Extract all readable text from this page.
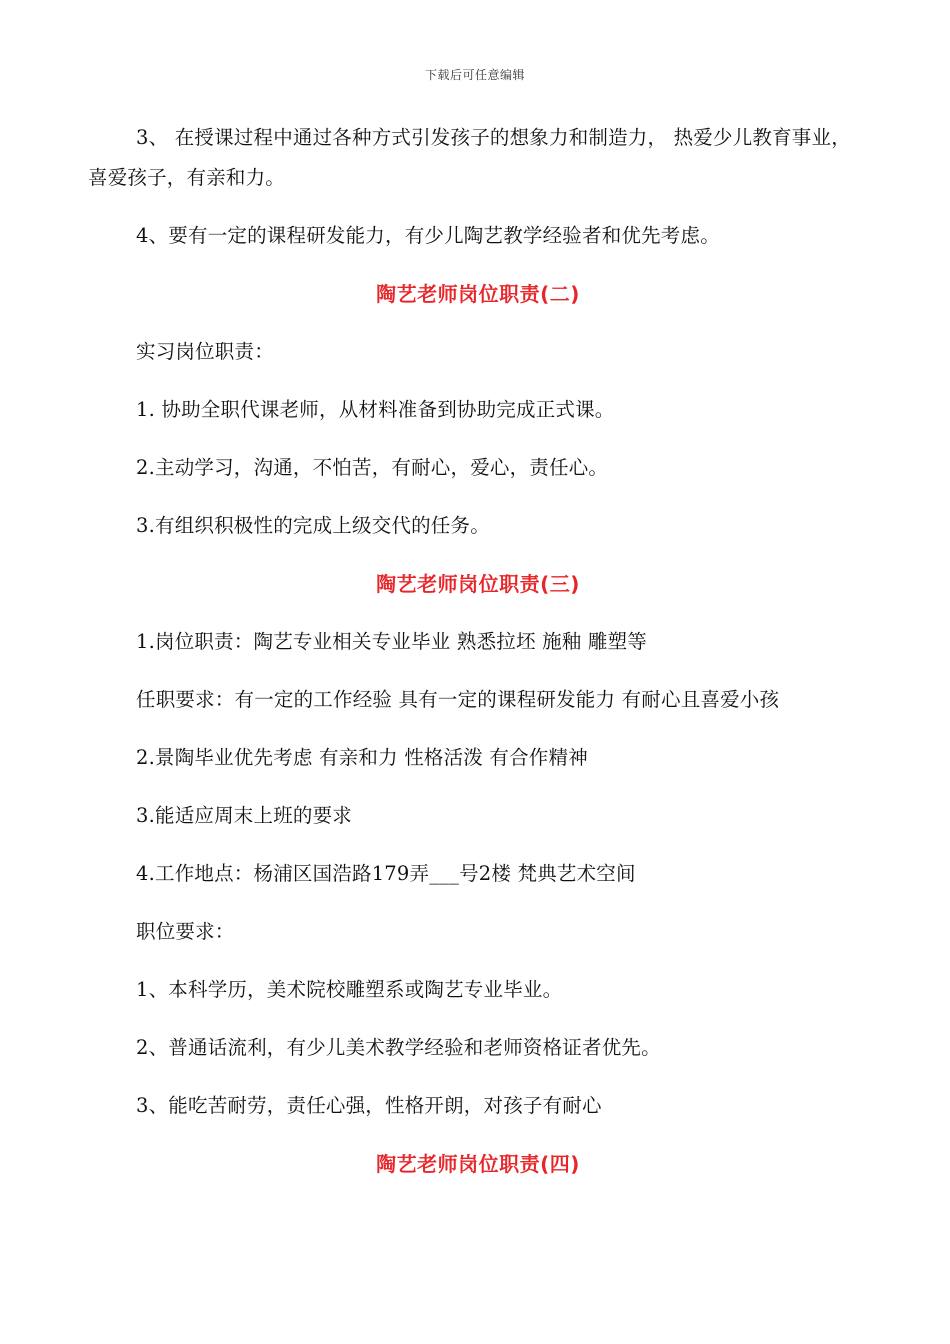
下载后可任意编辑

3、 在授课过程中通过各种方式引发孩子的想象力和制造力， 热爱少儿教育事业，喜爱孩子，有亲和力。

4、要有一定的课程研发能力，有少儿陶艺教学经验者和优先考虑。

陶艺老师岗位职责(二)

实习岗位职责：

1. 协助全职代课老师，从材料准备到协助完成正式课。

2.主动学习，沟通，不怕苦，有耐心，爱心，责任心。

3.有组织积极性的完成上级交代的任务。

陶艺老师岗位职责(三)

1.岗位职责：陶艺专业相关专业毕业 熟悉拉坯 施釉 雕塑等

任职要求：有一定的工作经验 具有一定的课程研发能力 有耐心且喜爱小孩

2.景陶毕业优先考虑 有亲和力 性格活泼 有合作精神

3.能适应周末上班的要求

4.工作地点：杨浦区国浩路179弄___号2楼 梵典艺术空间

职位要求：

1、本科学历，美术院校雕塑系或陶艺专业毕业。

2、普通话流利，有少儿美术教学经验和老师资格证者优先。

3、能吃苦耐劳，责任心强，性格开朗，对孩子有耐心

陶艺老师岗位职责(四)
